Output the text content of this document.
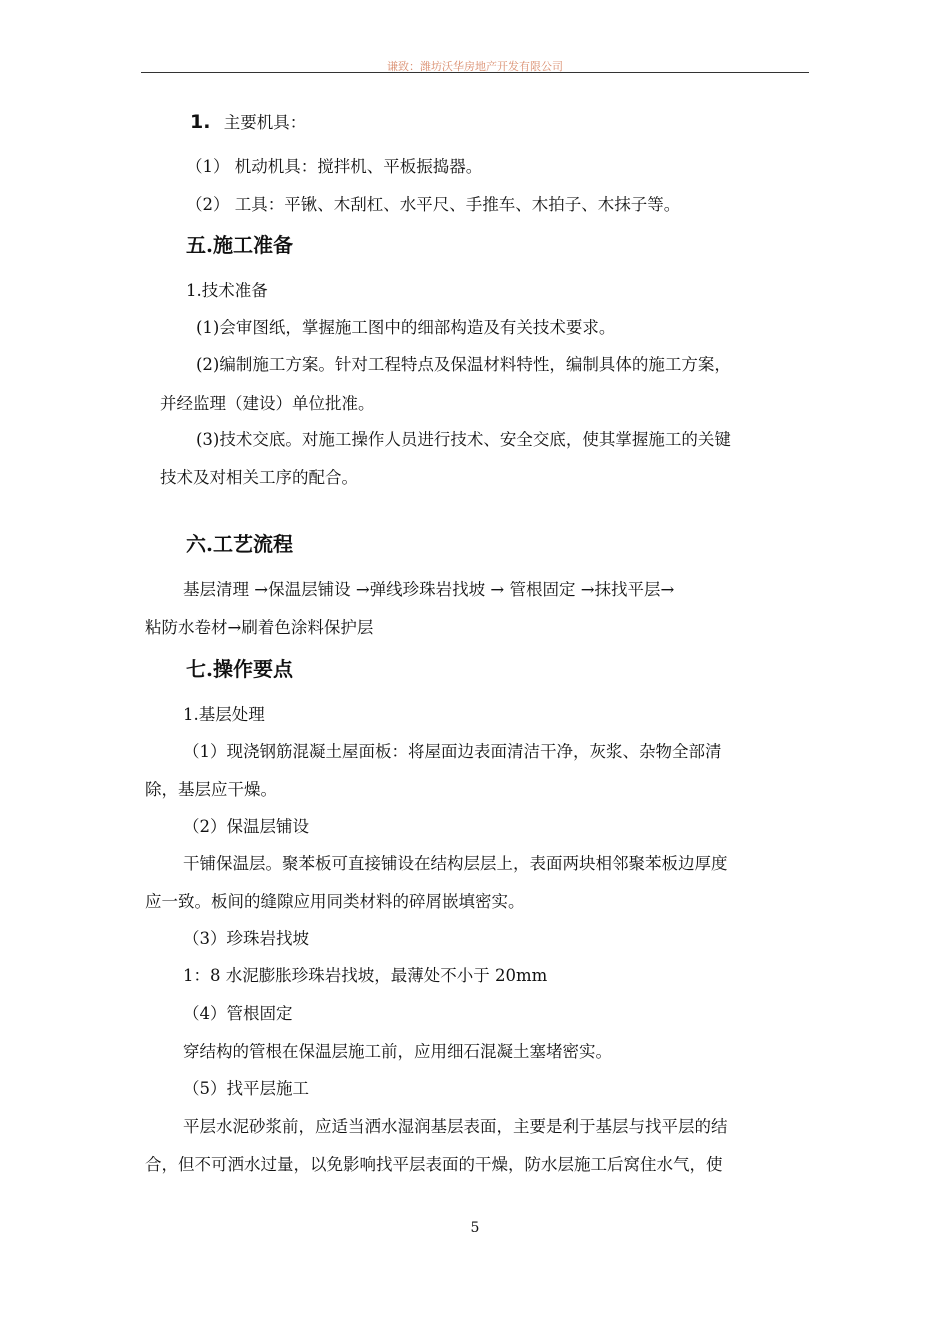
谦致：潍坊沃华房地产开发有限公司
1. 主要机具：
（1） 机动机具：搅拌机、平板振捣器。
（2） 工具：平锹、木刮杠、水平尺、手推车、木拍子、木抹子等。
五.施工准备
1.技术准备
(1)会审图纸，掌握施工图中的细部构造及有关技术要求。
(2)编制施工方案。针对工程特点及保温材料特性，编制具体的施工方案，
并经监理（建设）单位批准。
(3)技术交底。对施工操作人员进行技术、安全交底，使其掌握施工的关键
技术及对相关工序的配合。
六.工艺流程
基层清理 →保温层铺设 →弹线珍珠岩找坡 → 管根固定 →抹找平层→
粘防水卷材→刷着色涂料保护层
七.操作要点
1.基层处理
（1）现浇钢筋混凝土屋面板：将屋面边表面清洁干净，灰浆、杂物全部清
除，基层应干燥。
（2）保温层铺设
干铺保温层。聚苯板可直接铺设在结构层层上，表面两块相邻聚苯板边厚度
应一致。板间的缝隙应用同类材料的碎屑嵌填密实。
（3）珍珠岩找坡
1：8 水泥膨胀珍珠岩找坡，最薄处不小于 20mm
（4）管根固定
穿结构的管根在保温层施工前，应用细石混凝土塞堵密实。
（5）找平层施工
平层水泥砂浆前，应适当洒水湿润基层表面，主要是利于基层与找平层的结
合，但不可洒水过量，以免影响找平层表面的干燥，防水层施工后窝住水气，使
5
